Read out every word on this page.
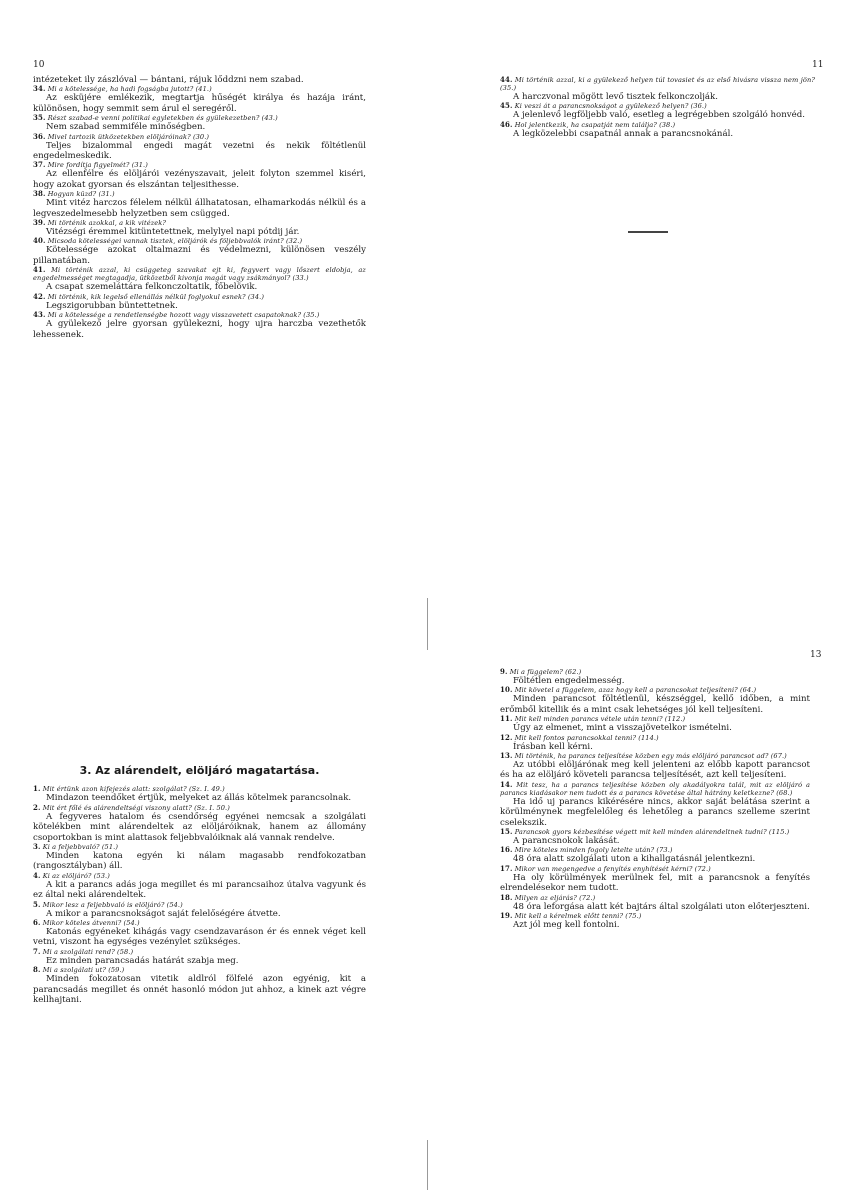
10

intézeteket ily zászlóval — bántani, rájuk lőddzni nem szabad.

34. Mi a kötelessége, ha hadi fogságba jutott? (41.)

Az esküjére emlékezik, megtartja hűségét királya és hazája iránt, különösen, hogy semmit sem árul el seregéről.

35. Részt szabad-e venni politikai egyletekben és gyülekezetben? (43.)

Nem szabad semmiféle minőségben.

36. Mivel tartozik ütközetekben elöljáróinak? (30.)

Teljes bizalommal engedi magát vezetni és nekik föltétlenül engedelmeskedik.

37. Mire fordítja figyelmét? (31.)

Az ellenfélre és elöljárói vezényszavait, jeleit folyton szemmel kiséri, hogy azokat gyorsan és elszántan teljesithesse.

38. Hogyan küzd? (31.)

Mint vitéz harczos félelem nélkül állhatatosan, elhamarkodás nélkül és a legveszedelmesebb helyzetben sem csügged.

39. Mi történik azokkal, a kik vitézek?

Vitézségi éremmel kitüntetettnek, melylyel napi pótdij jár.

40. Micsoda kötelességei vannak tisztek, elöljárók és följebbvalók iránt? (32.)

Kötelessége azokat oltalmazni és védelmezni, különösen veszély pillanatában.

41. Mi történik azzal, ki csüggeteg szavakat ejt ki, fegyvert vagy lőszert eldobja, az engedelmességet megtagadja, ütközetből kivonja magát vagy zsákmányol? (33.)

A csapat szemeláttára felkonczoltatik, főbelövik.

42. Mi történik, kik legelső ellenállás nélkül foglyokul esnek? (34.)

Legszigorubban büntettetnek.

43. Mi a kötelessége a rendetlenségbe hozott vagy visszavetett csapatoknak? (35.)

A gyülekező jelre gyorsan gyülekezni, hogy ujra harczba vezethetők lehessenek.

11
44. Mi történik azzal, ki a gyülekező helyen túl tovasiet és az első hivásra vissza nem jön? (35.)

A harczvonal mögött levő tisztek felkonczolják.

45. Ki veszi át a parancsnokságot a gyülekező helyen? (36.)

A jelenlevő legföljebb való, esetleg a legrégebben szolgáló honvéd.

46. Hol jelentkezik, ha csapatját nem találja? (38.)

A legközelebbi csapatnál annak a parancsnokánál.

3. Az alárendelt, elöljáró magatartása.
1. Mit értünk azon kifejezés alatt: szolgálat? (Sz. I. 49.)

Mindazon teendőket értjük, melyeket az állás kötelmek parancsolnak.

2. Mit ért főlé és alárendeltségi viszony alatt? (Sz. I. 50.)

A fegyveres hatalom és csendőrség egyénei nemcsak a szolgálati kötelékben mint alárendeltek az elöljáróiknak, hanem az állomány csoportokban is mint alattasok feljebbvalóiknak alá vannak rendelve.

3. Ki a feljebbvaló? (51.)

Minden katona egyén ki nálam magasabb rendfokozatban (rangosztályban) áll.

4. Ki az elöljáró? (53.)

A kit a parancs adás joga megillet és mi parancsaihoz útalva vagyunk és ez által neki alárendeltek.

5. Mikor lesz a feljebbvaló is elöljáró? (54.)

A mikor a parancsnokságot saját felelőségére átvette.

6. Mikor köteles átvenni? (54.)

Katonás egyéneket kihágás vagy csendzavaráson ér és ennek véget kell vetni, viszont ha egységes vezénylet szükséges.

7. Mi a szolgálati rend? (58.)

Ez minden parancsadás határát szabja meg.

8. Mi a szolgálati ut? (59.)

Minden fokozatosan vitetik aldlról fölfelé azon egyénig, kit a parancsadás megillet és onnét hasonló módon jut ahhoz, a kinek azt végre kellhajtani.

13
9. Mi a függelem? (62.)

Föltétlen engedelmesség.

10. Mit követel a függelem, azaz hogy kell a parancsokat teljesíteni? (64.)

Minden parancsot föltétlenül, készséggel, kellő időben, a mint erőmből kitellik és a mint csak lehetséges jól kell teljesíteni.

11. Mit kell minden parancs vétele után tenni? (112.)

Úgy az elmenet, mint a visszajövetelkor ismételni.

12. Mit kell fontos parancsokkal tenni? (114.)

Írásban kell kérni.

13. Mi történik, ha parancs teljesítése közben egy más elöljáró parancsot ad? (67.)

Az utóbbi elöljárónak meg kell jelenteni az előbb kapott parancsot és ha az elöljáró követeli parancsa teljesítését, azt kell teljesíteni.

14. Mit tesz, ha a parancs teljesítése közben oly akadályokra talál, mit az elöljáró a parancs kiadásakor nem tudott és a parancs követése által hátrány keletkezne? (68.)

Ha idő uj parancs kikérésére nincs, akkor saját belátása szerint a körülménynek megfelelőleg és lehetőleg a parancs szelleme szerint cselekszik.

15. Parancsok gyors kézbesítése végett mit kell minden alárendeltnek tudni? (115.)

A parancsnokok lakását.

16. Mire köteles minden fogoly letelte után? (73.)

48 óra alatt szolgálati uton a kihallgatásnál jelentkezni.

17. Mikor van megengedve a fenyítés enyhítését kérni? (72.)

Ha oly körülmények merülnek fel, mit a parancsnok a fenyítés elrendelésekor nem tudott.

18. Milyen az eljárás? (72.)

48 óra leforgása alatt két bajtárs által szolgálati uton előterjeszteni.

19. Mit kell a kérelmek előtt tenni? (75.)

Azt jól meg kell fontolni.
